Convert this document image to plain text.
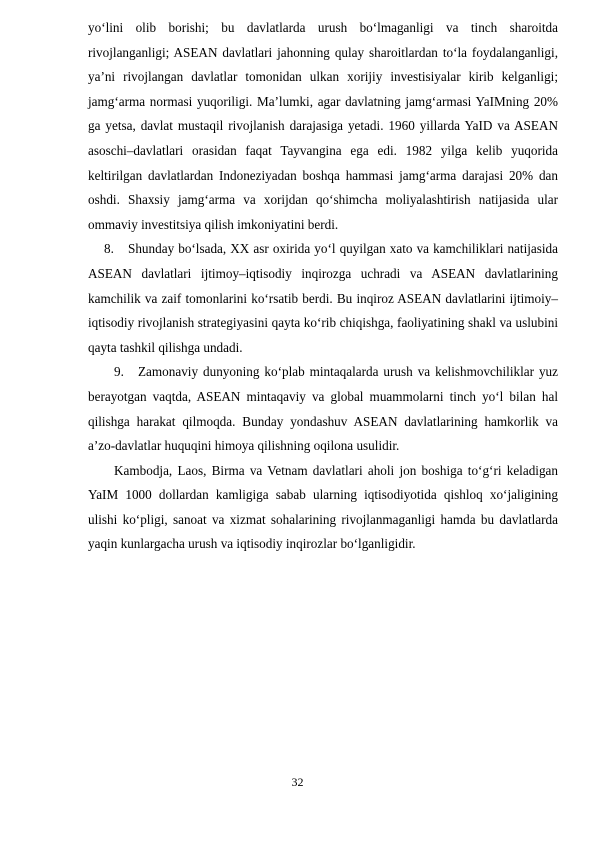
yo‘lini olib borishi; bu davlatlarda urush bo‘lmaganligi va tinch sharoitda rivojlanganligi; ASEAN davlatlari jahonning qulay sharoitlardan to‘la foydalanganligi, ya’ni rivojlangan davlatlar tomonidan ulkan xorijiy investisiyalar kirib kelganligi; jamg‘arma normasi yuqoriligi. Ma’lumki, agar davlatning jamg‘armasi YaIMning 20% ga yetsa, davlat mustaqil rivojlanish darajasiga yetadi. 1960 yillarda YaID va ASEAN asoschi–davlatlari orasidan faqat Tayvangina ega edi. 1982 yilga kelib yuqorida keltirilgan davlatlardan Indoneziyadan boshqa hammasi jamg‘arma darajasi 20% dan oshdi. Shaxsiy jamg‘arma va xorijdan qo‘shimcha moliyalashtirish natijasida ular ommaviy investitsiya qilish imkoniyatini berdi.

8. Shunday bo‘lsada, XX asr oxirida yo‘l quyilgan xato va kamchiliklari natijasida ASEAN davlatlari ijtimoy–iqtisodiy inqirozga uchradi va ASEAN davlatlarining kamchilik va zaif tomonlarini ko‘rsatib berdi. Bu inqiroz ASEAN davlatlarini ijtimoiy–iqtisodiy rivojlanish strategiyasini qayta ko‘rib chiqishga, faoliyatining shakl va uslubini qayta tashkil qilishga undadi.

9. Zamonaviy dunyoning ko‘plab mintaqalarda urush va kelishmovchiliklar yuz berayotgan vaqtda, ASEAN mintaqaviy va global muammolarni tinch yo‘l bilan hal qilishga harakat qilmoqda. Bunday yondashuv ASEAN davlatlarining hamkorlik va a’zo-davlatlar huquqini himoya qilishning oqilona usulidir.

Kambodja, Laos, Birma va Vetnam davlatlari aholi jon boshiga to‘g‘ri keladigan YaIM 1000 dollardan kamligiga sabab ularning iqtisodiyotida qishloq xo‘jaligining ulishi ko‘pligi, sanoat va xizmat sohalarining rivojlanmaganligi hamda bu davlatlarda yaqin kunlargacha urush va iqtisodiy inqirozlar bo‘lganligidir.

32
